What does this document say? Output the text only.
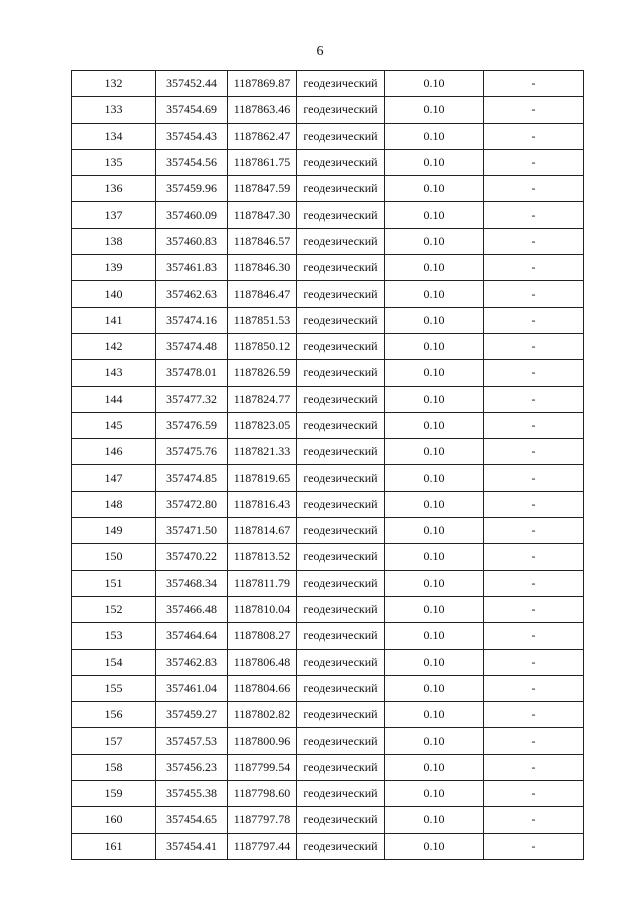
6
132	357452.44	1187869.87	геодезический	0.10	-
133	357454.69	1187863.46	геодезический	0.10	-
134	357454.43	1187862.47	геодезический	0.10	-
135	357454.56	1187861.75	геодезический	0.10	-
136	357459.96	1187847.59	геодезический	0.10	-
137	357460.09	1187847.30	геодезический	0.10	-
138	357460.83	1187846.57	геодезический	0.10	-
139	357461.83	1187846.30	геодезический	0.10	-
140	357462.63	1187846.47	геодезический	0.10	-
141	357474.16	1187851.53	геодезический	0.10	-
142	357474.48	1187850.12	геодезический	0.10	-
143	357478.01	1187826.59	геодезический	0.10	-
144	357477.32	1187824.77	геодезический	0.10	-
145	357476.59	1187823.05	геодезический	0.10	-
146	357475.76	1187821.33	геодезический	0.10	-
147	357474.85	1187819.65	геодезический	0.10	-
148	357472.80	1187816.43	геодезический	0.10	-
149	357471.50	1187814.67	геодезический	0.10	-
150	357470.22	1187813.52	геодезический	0.10	-
151	357468.34	1187811.79	геодезический	0.10	-
152	357466.48	1187810.04	геодезический	0.10	-
153	357464.64	1187808.27	геодезический	0.10	-
154	357462.83	1187806.48	геодезический	0.10	-
155	357461.04	1187804.66	геодезический	0.10	-
156	357459.27	1187802.82	геодезический	0.10	-
157	357457.53	1187800.96	геодезический	0.10	-
158	357456.23	1187799.54	геодезический	0.10	-
159	357455.38	1187798.60	геодезический	0.10	-
160	357454.65	1187797.78	геодезический	0.10	-
161	357454.41	1187797.44	геодезический	0.10	-
